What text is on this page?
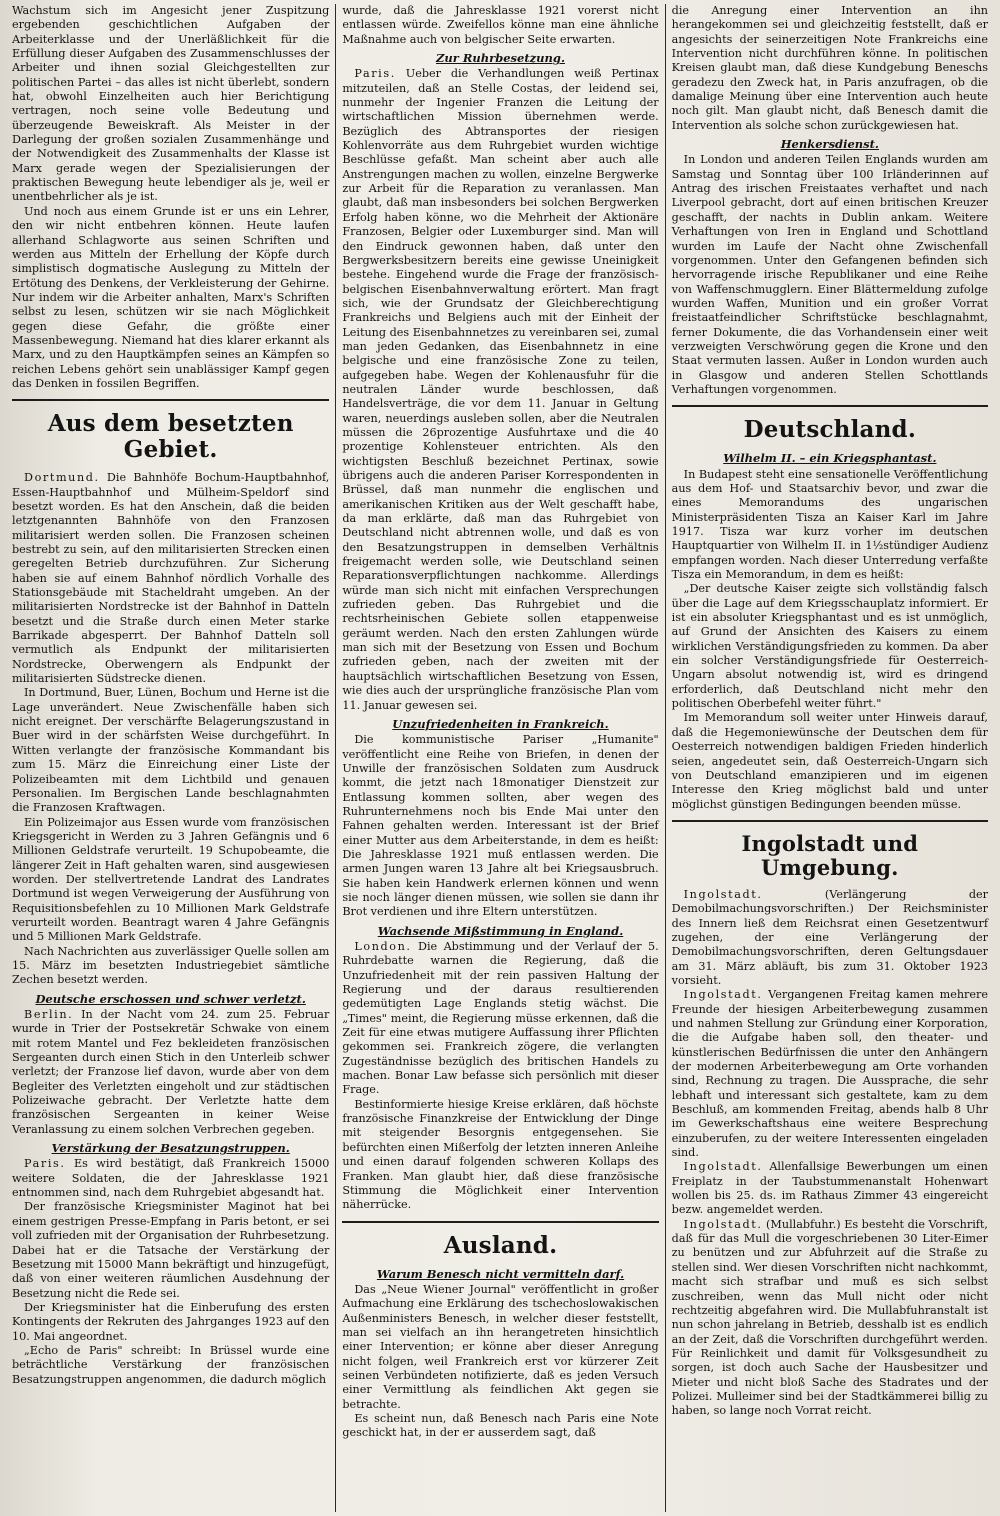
Wachstum sich im Angesicht jener Zuspitzung ergebenden geschichtlichen Aufgaben der Arbeiterklasse und der Unerläßlichkeit für die Erfüllung dieser Aufgaben des Zusammenschlusses der Arbeiter und ihnen sozial Gleichgestellten zur politischen Partei – das alles ist nicht überlebt, sondern hat, obwohl Einzelheiten auch hier Berichtigung vertragen, noch seine volle Bedeutung und überzeugende Beweiskraft. Als Meister in der Darlegung der großen sozialen Zusammenhänge und der Notwendigkeit des Zusammenhalts der Klasse ist Marx gerade wegen der Spezialisierungen der praktischen Bewegung heute lebendiger als je, weil er unentbehrlicher als je ist.

Und noch aus einem Grunde ist er uns ein Lehrer, den wir nicht entbehren können. Heute laufen allerhand Schlagworte aus seinen Schriften und werden aus Mitteln der Erhellung der Köpfe durch simplistisch dogmatische Auslegung zu Mitteln der Ertötung des Denkens, der Verkleisterung der Gehirne. Nur indem wir die Arbeiter anhalten, Marx's Schriften selbst zu lesen, schützen wir sie nach Möglichkeit gegen diese Gefahr, die größte einer Massenbewegung. Niemand hat dies klarer erkannt als Marx, und zu den Hauptkämpfen seines an Kämpfen so reichen Lebens gehört sein unablässiger Kampf gegen das Denken in fossilen Begriffen.

Aus dem besetzten Gebiet.

Dortmund. Die Bahnhöfe Bochum-Hauptbahnhof, Essen-Hauptbahnhof und Mülheim-Speldorf sind besetzt worden. Es hat den Anschein, daß die beiden letztgenannten Bahnhöfe von den Franzosen militarisiert werden sollen. Die Franzosen scheinen bestrebt zu sein, auf den militarisierten Strecken einen geregelten Betrieb durchzuführen. Zur Sicherung haben sie auf einem Bahnhof nördlich Vorhalle des Stationsgebäude mit Stacheldraht umgeben. An der militarisierten Nordstrecke ist der Bahnhof in Datteln besetzt und die Straße durch einen Meter starke Barrikade abgesperrt. Der Bahnhof Datteln soll vermutlich als Endpunkt der militarisierten Nordstrecke, Oberwengern als Endpunkt der militarisierten Südstrecke dienen.

In Dortmund, Buer, Lünen, Bochum und Herne ist die Lage unverändert. Neue Zwischenfälle haben sich nicht ereignet. Der verschärfte Belagerungszustand in Buer wird in der schärfsten Weise durchgeführt. In Witten verlangte der französische Kommandant bis zum 15. März die Einreichung einer Liste der Polizeibeamten mit dem Lichtbild und genauen Personalien. Im Bergischen Lande beschlagnahmten die Franzosen Kraftwagen.

Ein Polizeimajor aus Essen wurde vom französischen Kriegsgericht in Werden zu 3 Jahren Gefängnis und 6 Millionen Geldstrafe verurteilt. 19 Schupobeamte, die längerer Zeit in Haft gehalten waren, sind ausgewiesen worden. Der stellvertretende Landrat des Landrates Dortmund ist wegen Verweigerung der Ausführung von Requisitionsbefehlen zu 10 Millionen Mark Geldstrafe verurteilt worden. Beantragt waren 4 Jahre Gefängnis und 5 Millionen Mark Geldstrafe.

Nach Nachrichten aus zuverlässiger Quelle sollen am 15. März im besetzten Industriegebiet sämtliche Zechen besetzt werden.

Deutsche erschossen und schwer verletzt.

Berlin. In der Nacht vom 24. zum 25. Februar wurde in Trier der Postsekretär Schwake von einem mit rotem Mantel und Fez bekleideten französischen Sergeanten durch einen Stich in den Unterleib schwer verletzt; der Franzose lief davon, wurde aber von dem Begleiter des Verletzten eingeholt und zur städtischen Polizeiwache gebracht. Der Verletzte hatte dem französischen Sergeanten in keiner Weise Veranlassung zu einem solchen Verbrechen gegeben.

Verstärkung der Besatzungstruppen.

Paris. Es wird bestätigt, daß Frankreich 15000 weitere Soldaten, die der Jahresklasse 1921 entnommen sind, nach dem Ruhrgebiet abgesandt hat.

Der französische Kriegsminister Maginot hat bei einem gestrigen Presse-Empfang in Paris betont, er sei voll zufrieden mit der Organisation der Ruhrbesetzung. Dabei hat er die Tatsache der Verstärkung der Besetzung mit 15000 Mann bekräftigt und hinzugefügt, daß von einer weiteren räumlichen Ausdehnung der Besetzung nicht die Rede sei.

Der Kriegsminister hat die Einberufung des ersten Kontingents der Rekruten des Jahrganges 1923 auf den 10. Mai angeordnet.

„Echo de Paris" schreibt: In Brüssel wurde eine beträchtliche Verstärkung der französischen Besatzungstruppen angenommen, die dadurch möglich

wurde, daß die Jahresklasse 1921 vorerst nicht entlassen würde. Zweifellos könne man eine ähnliche Maßnahme auch von belgischer Seite erwarten.

Zur Ruhrbesetzung.

Paris. Ueber die Verhandlungen weiß Pertinax mitzuteilen, daß an Stelle Costas, der leidend sei, nunmehr der Ingenier Franzen die Leitung der wirtschaftlichen Mission übernehmen werde. Bezüglich des Abtransportes der riesigen Kohlenvorräte aus dem Ruhrgebiet wurden wichtige Beschlüsse gefaßt. Man scheint aber auch alle Anstrengungen machen zu wollen, einzelne Bergwerke zur Arbeit für die Reparation zu veranlassen. Man glaubt, daß man insbesonders bei solchen Bergwerken Erfolg haben könne, wo die Mehrheit der Aktionäre Franzosen, Belgier oder Luxemburger sind. Man will den Eindruck gewonnen haben, daß unter den Bergwerksbesitzern bereits eine gewisse Uneinigkeit bestehe. Eingehend wurde die Frage der französisch-belgischen Eisenbahnverwaltung erörtert. Man fragt sich, wie der Grundsatz der Gleichberechtigung Frankreichs und Belgiens auch mit der Einheit der Leitung des Eisenbahnnetzes zu vereinbaren sei, zumal man jeden Gedanken, das Eisenbahnnetz in eine belgische und eine französische Zone zu teilen, aufgegeben habe. Wegen der Kohlenausfuhr für die neutralen Länder wurde beschlossen, daß Handelsverträge, die vor dem 11. Januar in Geltung waren, neuerdings ausleben sollen, aber die Neutralen müssen die 26prozentige Ausfuhrtaxe und die 40 prozentige Kohlensteuer entrichten. Als den wichtigsten Beschluß bezeichnet Pertinax, sowie übrigens auch die anderen Pariser Korrespondenten in Brüssel, daß man nunmehr die englischen und amerikanischen Kritiken aus der Welt geschafft habe, da man erklärte, daß man das Ruhrgebiet von Deutschland nicht abtrennen wolle, und daß es von den Besatzungstruppen in demselben Verhältnis freigemacht werden solle, wie Deutschland seinen Reparationsverpflichtungen nachkomme. Allerdings würde man sich nicht mit einfachen Versprechungen zufrieden geben. Das Ruhrgebiet und die rechtsrheinischen Gebiete sollen etappenweise geräumt werden. Nach den ersten Zahlungen würde man sich mit der Besetzung von Essen und Bochum zufrieden geben, nach der zweiten mit der hauptsächlich wirtschaftlichen Besetzung von Essen, wie dies auch der ursprüngliche französische Plan vom 11. Januar gewesen sei.

Unzufriedenheiten in Frankreich.

Die kommunistische Pariser „Humanite" veröffentlicht eine Reihe von Briefen, in denen der Unwille der französischen Soldaten zum Ausdruck kommt, die jetzt nach 18monatiger Dienstzeit zur Entlassung kommen sollten, aber wegen des Ruhrunternehmens noch bis Ende Mai unter den Fahnen gehalten werden. Interessant ist der Brief einer Mutter aus dem Arbeiterstande, in dem es heißt: Die Jahresklasse 1921 muß entlassen werden. Die armen Jungen waren 13 Jahre alt bei Kriegsausbruch. Sie haben kein Handwerk erlernen können und wenn sie noch länger dienen müssen, wie sollen sie dann ihr Brot verdienen und ihre Eltern unterstützen.

Wachsende Mißstimmung in England.

London. Die Abstimmung und der Verlauf der 5. Ruhrdebatte warnen die Regierung, daß die Unzufriedenheit mit der rein passiven Haltung der Regierung und der daraus resultierenden gedemütigten Lage Englands stetig wächst. Die „Times" meint, die Regierung müsse erkennen, daß die Zeit für eine etwas mutigere Auffassung ihrer Pflichten gekommen sei. Frankreich zögere, die verlangten Zugeständnisse bezüglich des britischen Handels zu machen. Bonar Law befasse sich persönlich mit dieser Frage.

Bestinformierte hiesige Kreise erklären, daß höchste französische Finanzkreise der Entwicklung der Dinge mit steigender Besorgnis entgegensehen. Sie befürchten einen Mißerfolg der letzten inneren Anleihe und einen darauf folgenden schweren Kollaps des Franken. Man glaubt hier, daß diese französische Stimmung die Möglichkeit einer Intervention näherrücke.

Ausland.
Warum Benesch nicht vermitteln darf.

Das „Neue Wiener Journal" veröffentlicht in großer Aufmachung eine Erklärung des tschechoslowakischen Außenministers Benesch, in welcher dieser feststellt, man sei vielfach an ihn herangetreten hinsichtlich einer Intervention; er könne aber dieser Anregung nicht folgen, weil Frankreich erst vor kürzerer Zeit seinen Verbündeten notifizierte, daß es jeden Versuch einer Vermittlung als feindlichen Akt gegen sie betrachte.

Es scheint nun, daß Benesch nach Paris eine Note geschickt hat, in der er ausserdem sagt, daß

die Anregung einer Intervention an ihn herangekommen sei und gleichzeitig feststellt, daß er angesichts der seinerzeitigen Note Frankreichs eine Intervention nicht durchführen könne. In politischen Kreisen glaubt man, daß diese Kundgebung Beneschs geradezu den Zweck hat, in Paris anzufragen, ob die damalige Meinung über eine Intervention auch heute noch gilt. Man glaubt nicht, daß Benesch damit die Intervention als solche schon zurückgewiesen hat.

Henkersdienst.

In London und anderen Teilen Englands wurden am Samstag und Sonntag über 100 Irländerinnen auf Antrag des irischen Freistaates verhaftet und nach Liverpool gebracht, dort auf einen britischen Kreuzer geschafft, der nachts in Dublin ankam. Weitere Verhaftungen von Iren in England und Schottland wurden im Laufe der Nacht ohne Zwischenfall vorgenommen. Unter den Gefangenen befinden sich hervorragende irische Republikaner und eine Reihe von Waffenschmugglern. Einer Blättermeldung zufolge wurden Waffen, Munition und ein großer Vorrat freistaatfeindlicher Schriftstücke beschlagnahmt, ferner Dokumente, die das Vorhandensein einer weit verzweigten Verschwörung gegen die Krone und den Staat vermuten lassen. Außer in London wurden auch in Glasgow und anderen Stellen Schottlands Verhaftungen vorgenommen.

Deutschland.
Wilhelm II. – ein Kriegsphantast.

In Budapest steht eine sensationelle Veröffentlichung aus dem Hof- und Staatsarchiv bevor, und zwar die eines Memorandums des ungarischen Ministerpräsidenten Tisza an Kaiser Karl im Jahre 1917. Tisza war kurz vorher im deutschen Hauptquartier von Wilhelm II. in 1½stündiger Audienz empfangen worden. Nach dieser Unterredung verfaßte Tisza ein Memorandum, in dem es heißt:

„Der deutsche Kaiser zeigte sich vollständig falsch über die Lage auf dem Kriegsschauplatz informiert. Er ist ein absoluter Kriegsphantast und es ist unmöglich, auf Grund der Ansichten des Kaisers zu einem wirklichen Verständigungsfrieden zu kommen. Da aber ein solcher Verständigungsfriede für Oesterreich-Ungarn absolut notwendig ist, wird es dringend erforderlich, daß Deutschland nicht mehr den politischen Oberbefehl weiter führt."

Im Memorandum soll weiter unter Hinweis darauf, daß die Hegemoniewünsche der Deutschen dem für Oesterreich notwendigen baldigen Frieden hinderlich seien, angedeutet sein, daß Oesterreich-Ungarn sich von Deutschland emanzipieren und im eigenen Interesse den Krieg möglichst bald und unter möglichst günstigen Bedingungen beenden müsse.

Ingolstadt und Umgebung.

Ingolstadt.	(Verlängerung der Demobilmachungsvorschriften.) Der Reichsminister des Innern ließ dem Reichsrat einen Gesetzentwurf zugehen, der eine Verlängerung der Demobilmachungsvorschriften, deren Geltungsdauer am 31. März abläuft, bis zum 31. Oktober 1923 vorsieht.

Ingolstadt. Vergangenen Freitag kamen mehrere Freunde der hiesigen Arbeiterbewegung zusammen und nahmen Stellung zur Gründung einer Korporation, die die Aufgabe haben soll, den theater- und künstlerischen Bedürfnissen die unter den Anhängern der modernen Arbeiterbewegung am Orte vorhanden sind, Rechnung zu tragen. Die Aussprache, die sehr lebhaft und interessant sich gestaltete, kam zu dem Beschluß, am kommenden Freitag, abends halb 8 Uhr im Gewerkschaftshaus eine weitere Besprechung einzuberufen, zu der weitere Interessenten eingeladen sind.

Ingolstadt. Allenfallsige Bewerbungen um einen Freiplatz in der Taubstummenanstalt Hohenwart wollen bis 25. ds. im Rathaus Zimmer 43 eingereicht bezw. angemeldet werden.

Ingolstadt. (Mullabfuhr.) Es besteht die Vorschrift, daß für das Mull die vorgeschriebenen 30 Liter-Eimer zu benützen und zur Abfuhrzeit auf die Straße zu stellen sind. Wer diesen Vorschriften nicht nachkommt, macht sich strafbar und muß es sich selbst zuschreiben, wenn das Mull nicht oder nicht rechtzeitig abgefahren wird. Die Mullabfuhranstalt ist nun schon jahrelang in Betrieb, desshalb ist es endlich an der Zeit, daß die Vorschriften durchgeführt werden. Für Reinlichkeit und damit für Volksgesundheit zu sorgen, ist doch auch Sache der Hausbesitzer und Mieter und nicht bloß Sache des Stadrates und der Polizei. Mulleimer sind bei der Stadtkämmerei billig zu haben, so lange noch Vorrat reicht.
